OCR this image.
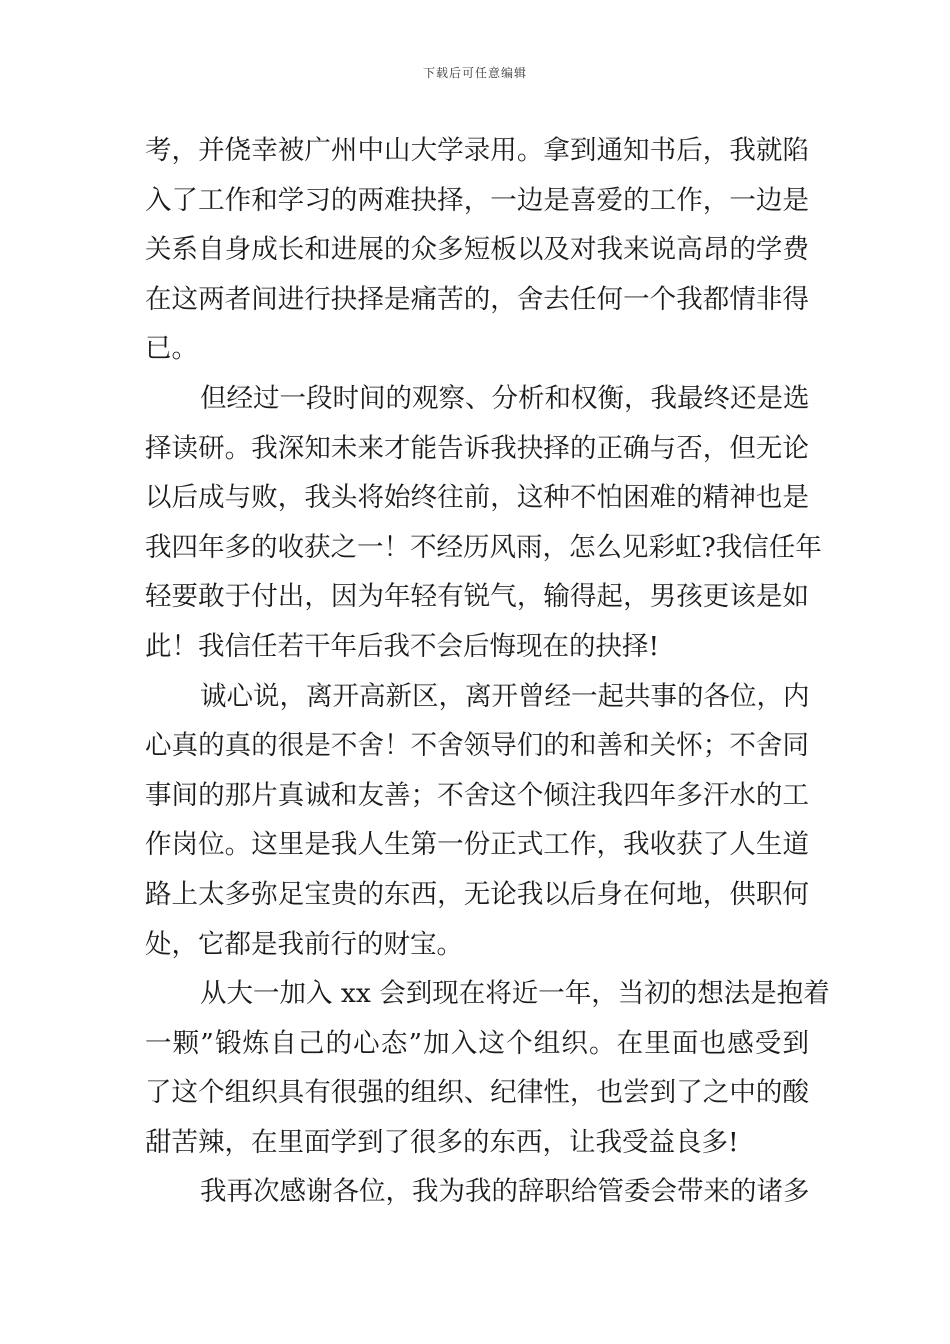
下载后可任意编辑
考，并侥幸被广州中山大学录用。拿到通知书后，我就陷
入了工作和学习的两难抉择，一边是喜爱的工作，一边是
关系自身成长和进展的众多短板以及对我来说高昂的学费
在这两者间进行抉择是痛苦的，舍去任何一个我都情非得
已。
但经过一段时间的观察、分析和权衡，我最终还是选
择读研。我深知未来才能告诉我抉择的正确与否，但无论
以后成与败，我头将始终往前，这种不怕困难的精神也是
我四年多的收获之一！不经历风雨，怎么见彩虹?我信任年
轻要敢于付出，因为年轻有锐气，输得起，男孩更该是如
此！我信任若干年后我不会后悔现在的抉择!
诚心说，离开高新区，离开曾经一起共事的各位，内
心真的真的很是不舍！不舍领导们的和善和关怀；不舍同
事间的那片真诚和友善；不舍这个倾注我四年多汗水的工
作岗位。这里是我人生第一份正式工作，我收获了人生道
路上太多弥足宝贵的东西，无论我以后身在何地，供职何
处，它都是我前行的财宝。
从大一加入 xx 会到现在将近一年，当初的想法是抱着
一颗”锻炼自己的心态”加入这个组织。在里面也感受到
了这个组织具有很强的组织、纪律性，也尝到了之中的酸
甜苦辣，在里面学到了很多的东西，让我受益良多!
我再次感谢各位，我为我的辞职给管委会带来的诸多
